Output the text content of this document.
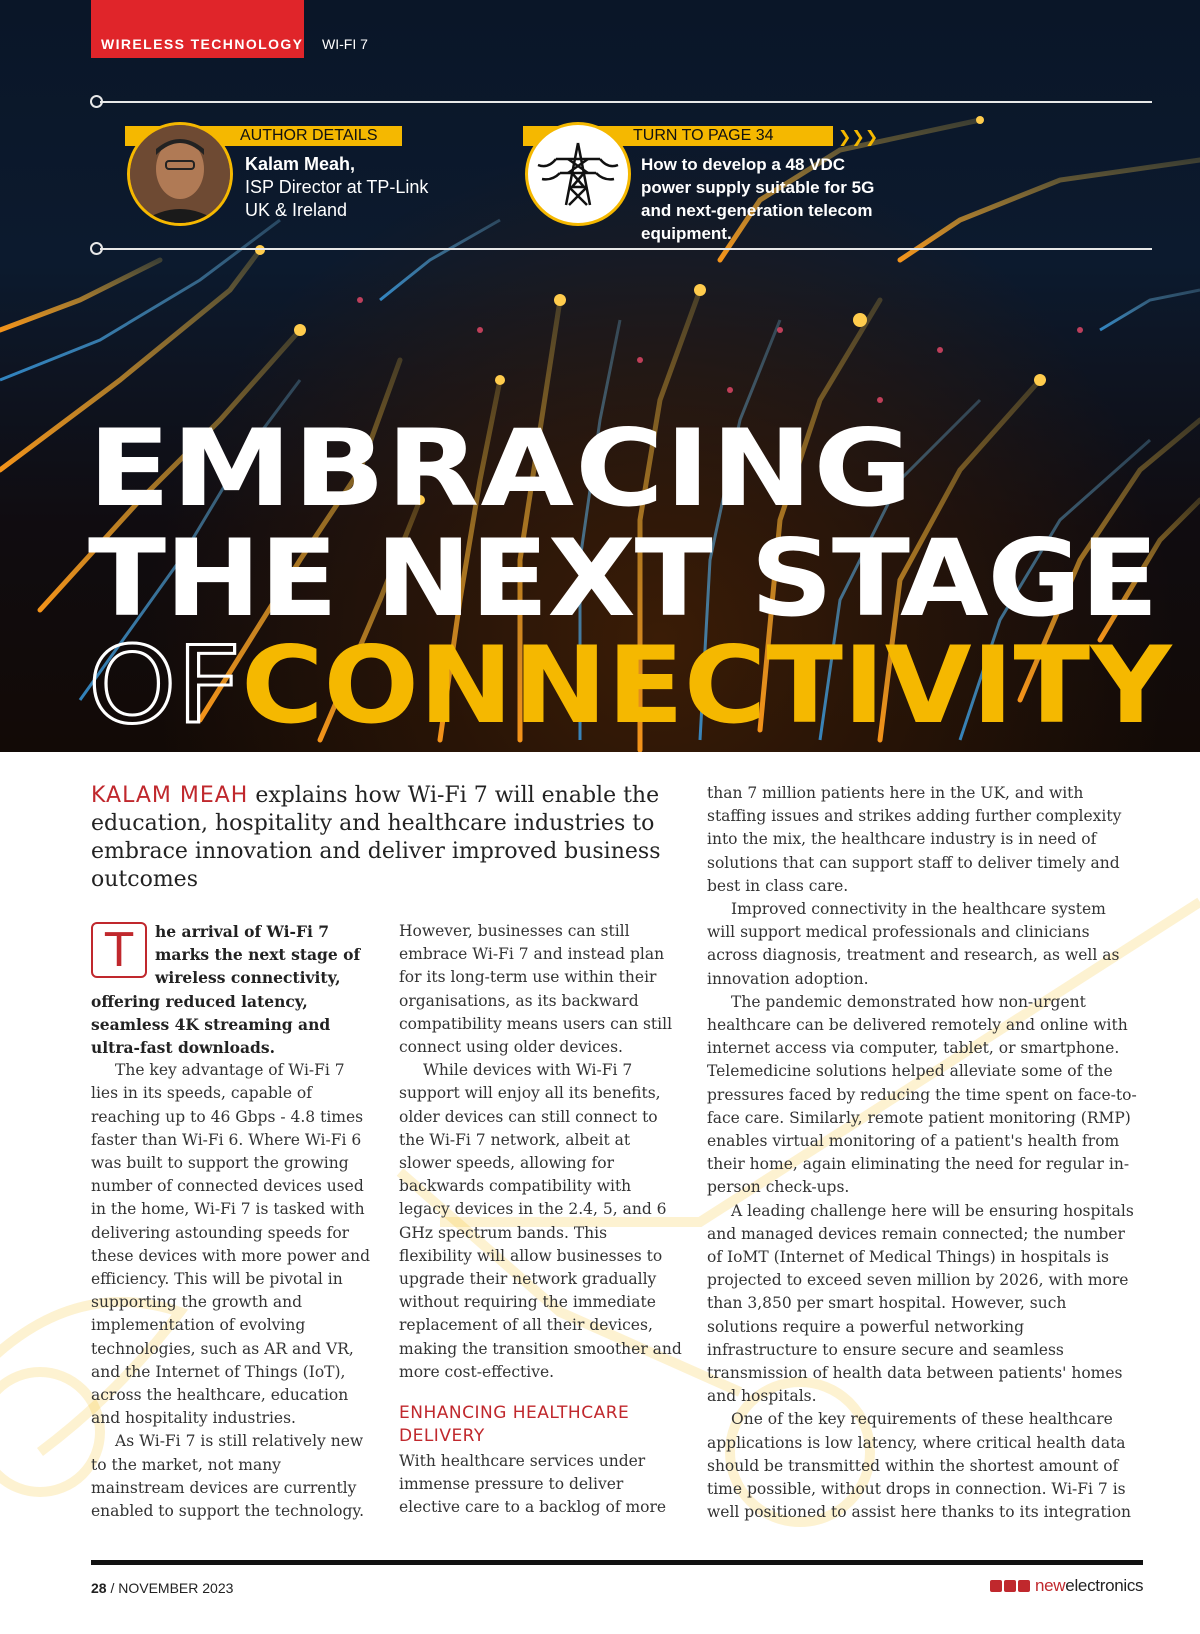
WIRELESS TECHNOLOGY WI-FI 7
AUTHOR DETAILS
Kalam Meah,
ISP Director at TP-Link UK & Ireland
TURN TO PAGE 34	❯❯❯
How to develop a 48 VDC power supply suitable for 5G and next-generation telecom equipment.
EMBRACING
THE NEXT STAGE
OFCONNECTIVITY
KALAM MEAH explains how Wi-Fi 7 will enable the education, hospitality and healthcare industries to embrace innovation and deliver improved business outcomes
T	he arrival of Wi-Fi 7 marks the next stage of wireless connectivity, offering reduced latency, seamless 4K streaming and ultra-fast downloads.

The key advantage of Wi-Fi 7 lies in its speeds, capable of reaching up to 46 Gbps - 4.8 times faster than Wi-Fi 6. Where Wi-Fi 6 was built to support the growing number of connected devices used in the home, Wi-Fi 7 is tasked with delivering astounding speeds for these devices with more power and efficiency. This will be pivotal in supporting the growth and implementation of evolving technologies, such as AR and VR, and the Internet of Things (IoT), across the healthcare, education and hospitality industries.

As Wi-Fi 7 is still relatively new to the market, not many mainstream devices are currently enabled to support the technology.

However, businesses can still embrace Wi-Fi 7 and instead plan for its long-term use within their organisations, as its backward compatibility means users can still connect using older devices.

While devices with Wi-Fi 7 support will enjoy all its benefits, older devices can still connect to the Wi-Fi 7 network, albeit at slower speeds, allowing for backwards compatibility with legacy devices in the 2.4, 5, and 6 GHz spectrum bands. This flexibility will allow businesses to upgrade their network gradually without requiring the immediate replacement of all their devices, making the transition smoother and more cost-effective.

ENHANCING HEALTHCARE DELIVERY

With healthcare services under immense pressure to deliver elective care to a backlog of more

than 7 million patients here in the UK, and with staffing issues and strikes adding further complexity into the mix, the healthcare industry is in need of solutions that can support staff to deliver timely and best in class care.

Improved connectivity in the healthcare system will support medical professionals and clinicians across diagnosis, treatment and research, as well as innovation adoption.

The pandemic demonstrated how non-urgent healthcare can be delivered remotely and online with internet access via computer, tablet, or smartphone. Telemedicine solutions helped alleviate some of the pressures faced by reducing the time spent on face-to-face care. Similarly, remote patient monitoring (RMP) enables virtual monitoring of a patient's health from their home, again eliminating the need for regular in-person check-ups.

A leading challenge here will be ensuring hospitals and managed devices remain connected; the number of IoMT (Internet of Medical Things) in hospitals is projected to exceed seven million by 2026, with more than 3,850 per smart hospital. However, such solutions require a powerful networking infrastructure to ensure secure and seamless transmission of health data between patients' homes and hospitals.

One of the key requirements of these healthcare applications is low latency, where critical health data should be transmitted within the shortest amount of time possible, without drops in connection. Wi-Fi 7 is well positioned to assist here thanks to its integration

28 / NOVEMBER 2023	newelectronics
